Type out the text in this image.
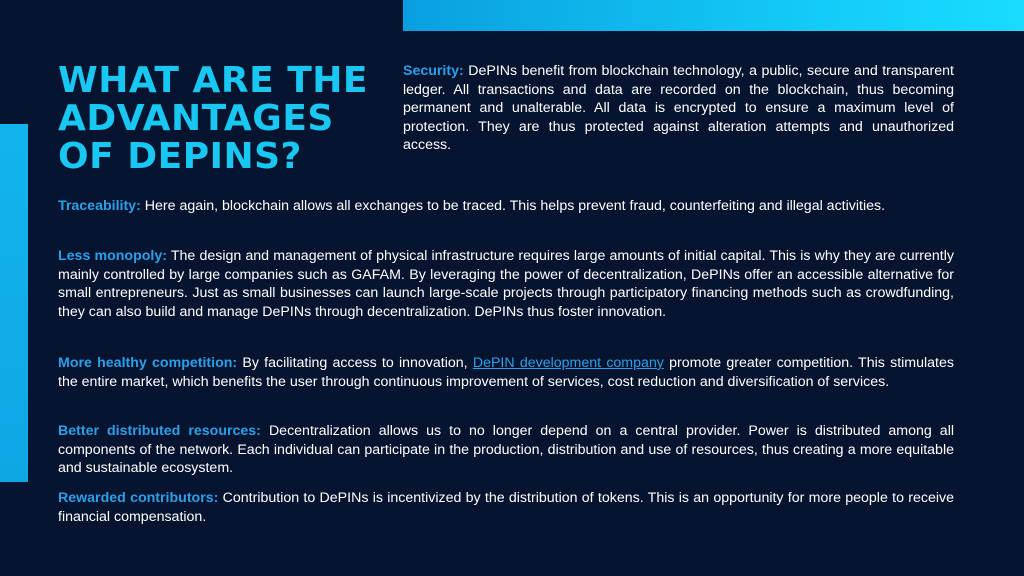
WHAT ARE THE ADVANTAGES OF DEPINS?

Security: DePINs benefit from blockchain technology, a public, secure and transparent ledger. All transactions and data are recorded on the blockchain, thus becoming permanent and unalterable. All data is encrypted to ensure a maximum level of protection. They are thus protected against alteration attempts and unauthorized access.

Traceability: Here again, blockchain allows all exchanges to be traced. This helps prevent fraud, counterfeiting and illegal activities.

Less monopoly: The design and management of physical infrastructure requires large amounts of initial capital. This is why they are currently mainly controlled by large companies such as GAFAM. By leveraging the power of decentralization, DePINs offer an accessible alternative for small entrepreneurs. Just as small businesses can launch large-scale projects through participatory financing methods such as crowdfunding, they can also build and manage DePINs through decentralization. DePINs thus foster innovation.

More healthy competition: By facilitating access to innovation, DePIN development company promote greater competition. This stimulates the entire market, which benefits the user through continuous improvement of services, cost reduction and diversification of services.

Better distributed resources: Decentralization allows us to no longer depend on a central provider. Power is distributed among all components of the network. Each individual can participate in the production, distribution and use of resources, thus creating a more equitable and sustainable ecosystem.

Rewarded contributors: Contribution to DePINs is incentivized by the distribution of tokens. This is an opportunity for more people to receive financial compensation.
